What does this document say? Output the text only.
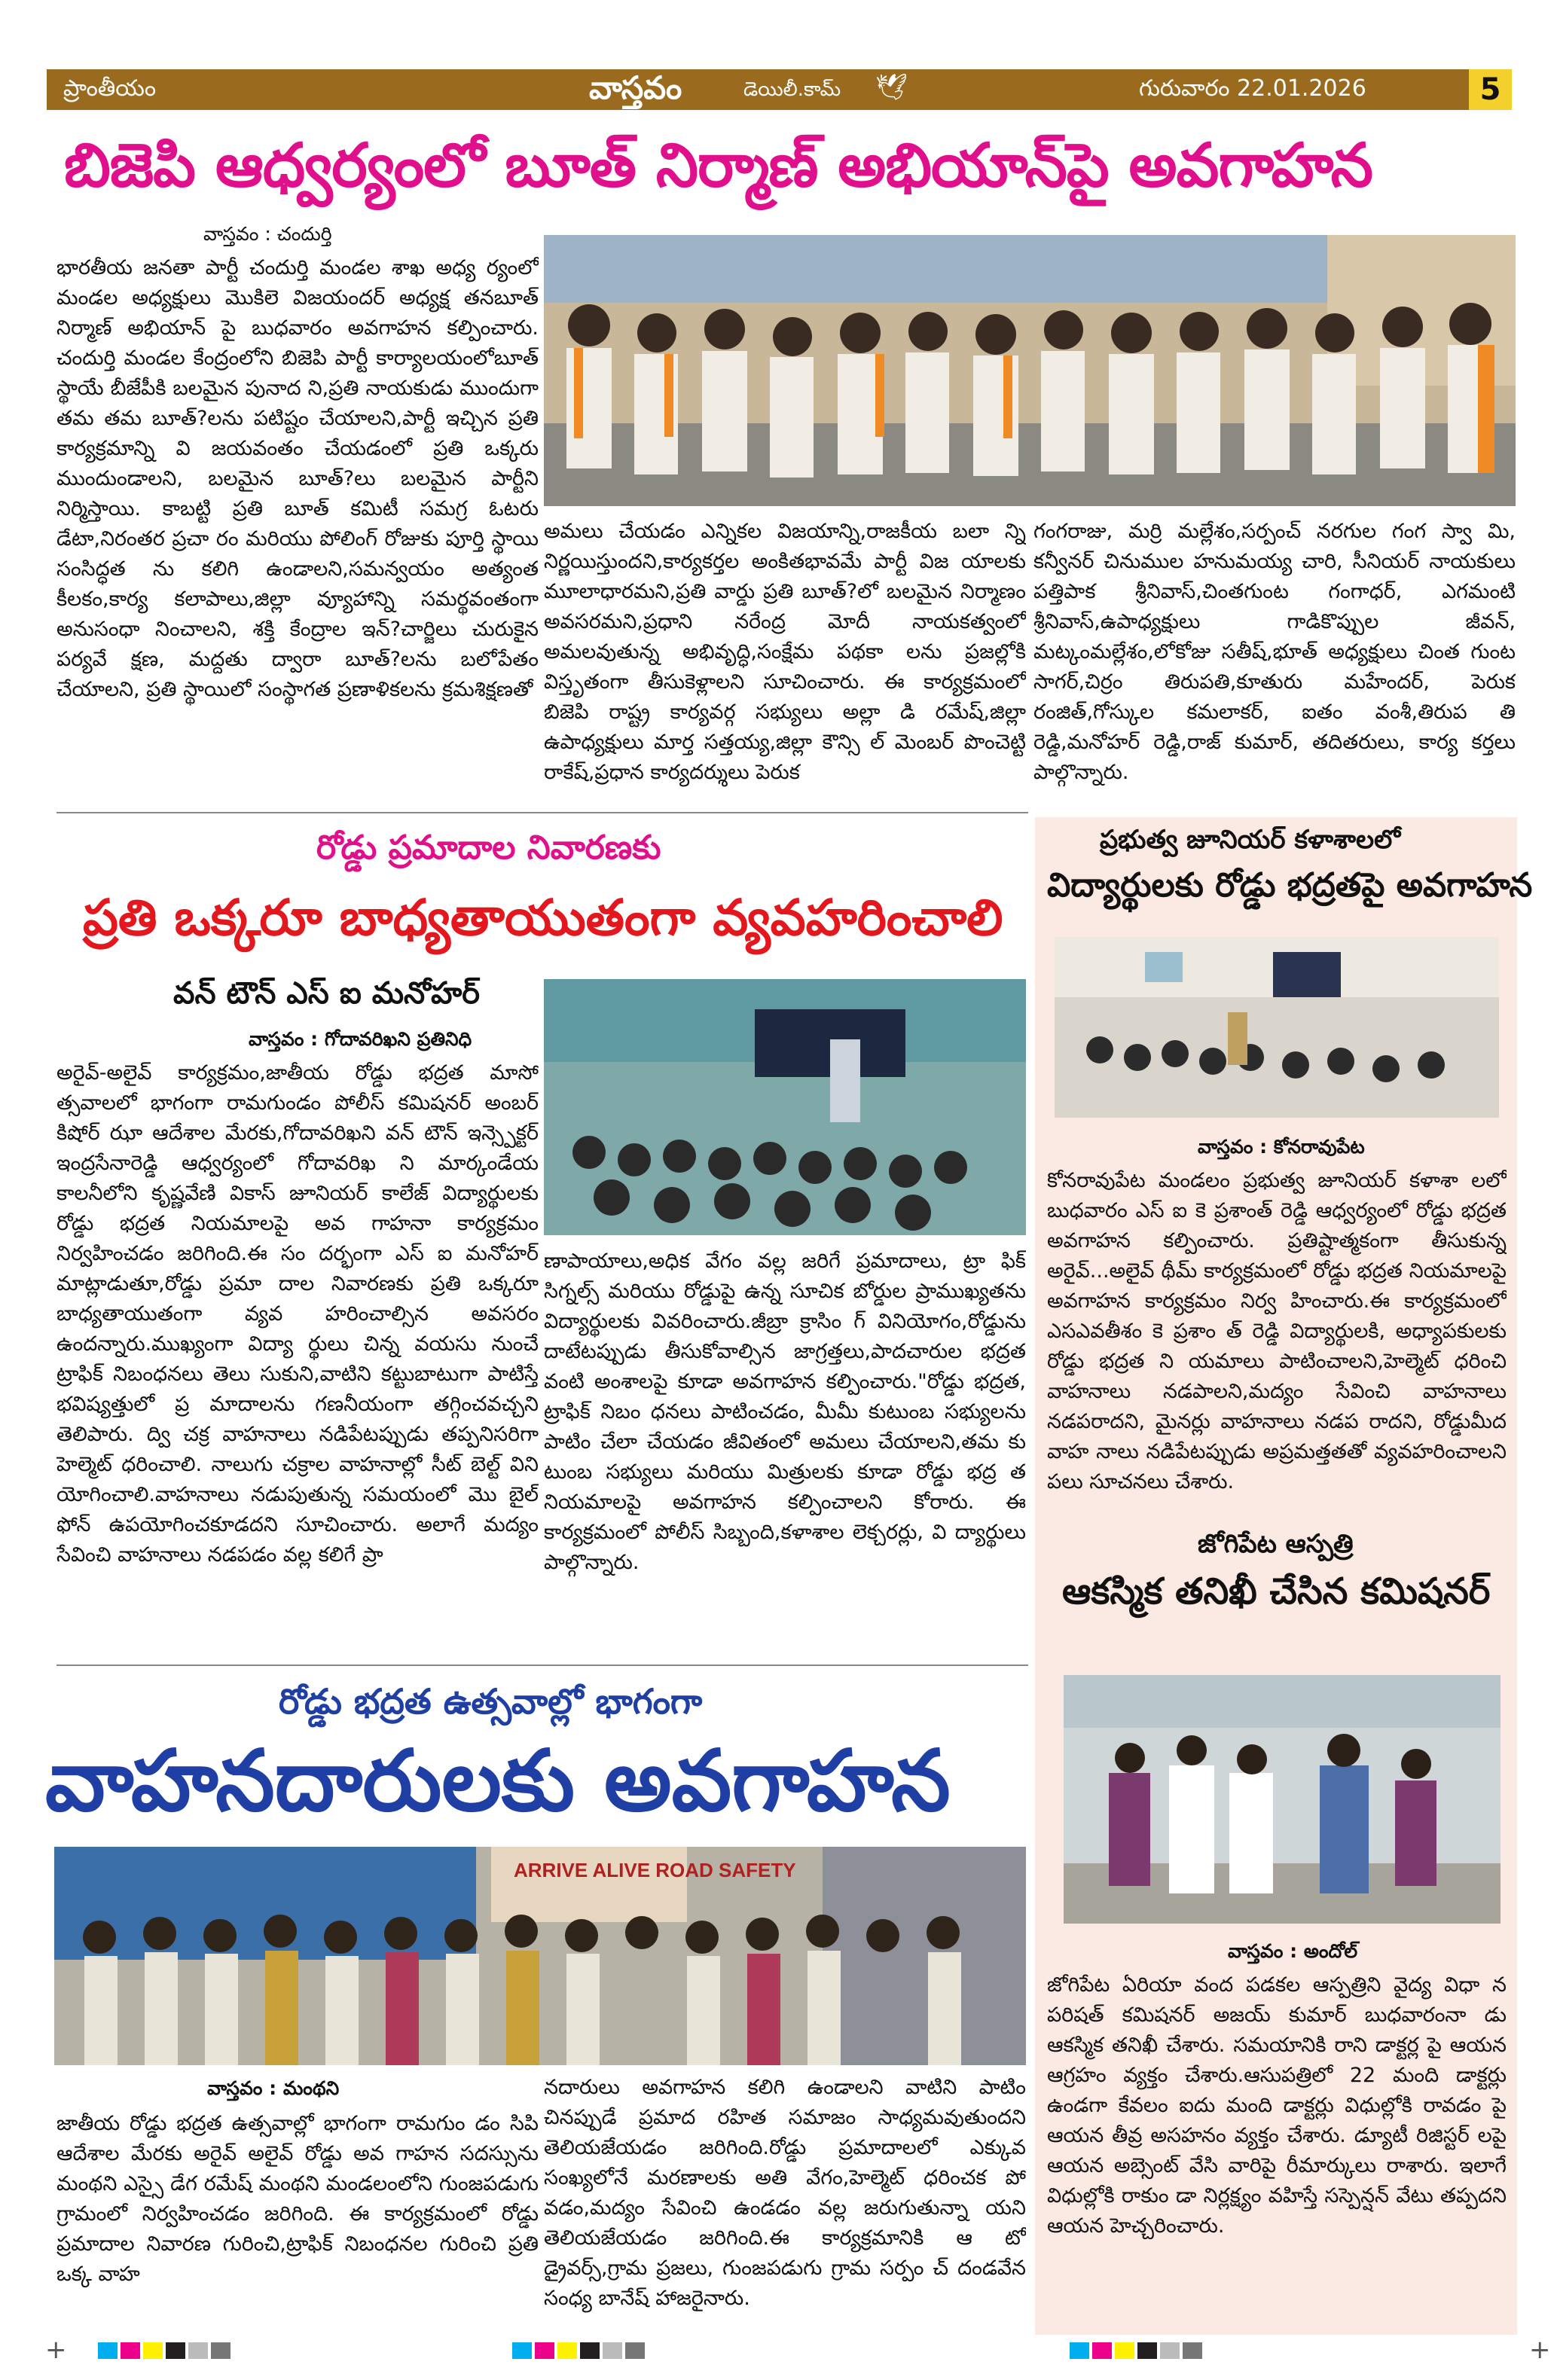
ప్రాంతీయం	వాస్తవం	డెయిలీ.కామ్ 🕊	గురువారం 22.01.2026	5
బిజెపి ఆధ్వర్యంలో బూత్ నిర్మాణ్ అభియాన్‌పై అవగాహన
వాస్తవం : చందుర్తి
భారతీయ జనతా పార్టీ చందుర్తి మండల శాఖ అధ్య ర్యంలో మండల అధ్యక్షులు మొకిలె విజయందర్ అధ్యక్ష తనబూత్ నిర్మాణ్ అభియాన్ పై బుధవారం అవగాహన కల్పించారు. చందుర్తి మండల కేంద్రంలోని బిజెపి పార్టీ కార్యాలయంలోబూత్ స్థాయే బీజేపీకి బలమైన పునాద ని,ప్రతి నాయకుడు ముందుగా తమ తమ బూత్?లను పటిష్టం చేయాలని,పార్టీ ఇచ్చిన ప్రతి కార్యక్రమాన్ని వి జయవంతం చేయడంలో ప్రతి ఒక్కరు ముందుండాలని, బలమైన బూత్?లు బలమైన పార్టీని నిర్మిస్తాయి. కాబట్టి ప్రతి బూత్ కమిటీ సమగ్ర ఓటరు డేటా,నిరంతర ప్రచా రం మరియు పోలింగ్ రోజుకు పూర్తి స్థాయి సంసిద్ధత ను కలిగి ఉండాలని,సమన్వయం అత్యంత కీలకం,కార్య కలాపాలు,జిల్లా వ్యూహాన్ని సమర్థవంతంగా అనుసంధా నించాలని, శక్తి కేంద్రాల ఇన్?చార్జిలు చురుకైన పర్యవే క్షణ, మద్దతు ద్వారా బూత్?లను బలోపేతం చేయాలని, ప్రతి స్థాయిలో సంస్థాగత ప్రణాళికలను క్రమశిక్షణతో
అమలు చేయడం ఎన్నికల విజయాన్ని,రాజకీయ బలా న్ని నిర్ణయిస్తుందని,కార్యకర్తల అంకితభావమే పార్టీ విజ యాలకు మూలాధారమని,ప్రతి వార్డు ప్రతి బూత్?లో బలమైన నిర్మాణం అవసరమని,ప్రధాని నరేంద్ర మోదీ నాయకత్వంలో అమలవుతున్న అభివృద్ధి,సంక్షేమ పథకా లను ప్రజల్లోకి విస్తృతంగా తీసుకెళ్లాలని సూచించారు. ఈ కార్యక్రమంలో బిజెపి రాష్ట్ర కార్యవర్గ సభ్యులు అల్లా డి రమేష్,జిల్లా ఉపాధ్యక్షులు మార్త సత్తయ్య,జిల్లా కౌన్సి ల్ మెంబర్ పొంచెట్టి రాకేష్,ప్రధాన కార్యదర్శులు పెరుక
గంగరాజు, మర్రి మల్లేశం,సర్పంచ్ నరగుల గంగ స్వా మి, కన్వీనర్ చినుముల హనుమయ్య చారి, సీనియర్ నాయకులు పత్తిపాక శ్రీనివాస్,చింతగుంట గంగాధర్, ఎగమంటి శ్రీనివాస్,ఉపాధ్యక్షులు గాడికొప్పుల జీవన్, మట్కంమల్లేశం,లోకోజు సతీష్,భూత్ అధ్యక్షులు చింత గుంట సాగర్,చిర్రం తిరుపతి,కూతురు మహేందర్, పెరుక రంజిత్,గోస్కుల కమలాకర్, ఐతం వంశీ,తిరుప తి రెడ్డి,మనోహర్ రెడ్డి,రాజ్ కుమార్, తదితరులు, కార్య కర్తలు పాల్గొన్నారు.
రోడ్డు ప్రమాదాల నివారణకు
ప్రతి ఒక్కరూ బాధ్యతాయుతంగా వ్యవహరించాలి
వన్ టౌన్ ఎస్ ఐ మనోహర్
వాస్తవం : గోదావరిఖని ప్రతినిధి
అరైవ్-అలైవ్ కార్యక్రమం,జాతీయ రోడ్డు భద్రత మాసో త్సవాలలో భాగంగా రామగుండం పోలీస్ కమిషనర్ అంబర్ కిషోర్ ఝా ఆదేశాల మేరకు,గోదావరిఖని వన్ టౌన్ ఇన్స్పెక్టర్ ఇంద్రసేనారెడ్డి ఆధ్వర్యంలో గోదావరిఖ ని మార్కండేయ కాలనీలోని కృష్ణవేణి వికాస్ జూనియర్ కాలేజ్ విద్యార్థులకు రోడ్డు భద్రత నియమాలపై అవ గాహనా కార్యక్రమం నిర్వహించడం జరిగింది.ఈ సం దర్భంగా ఎస్ ఐ మనోహర్ మాట్లాడుతూ,రోడ్డు ప్రమా దాల నివారణకు ప్రతి ఒక్కరూ బాధ్యతాయుతంగా వ్యవ హరించాల్సిన అవసరం ఉందన్నారు.ముఖ్యంగా విద్యా ర్థులు చిన్న వయసు నుంచే ట్రాఫిక్ నిబంధనలు తెలు సుకుని,వాటిని కట్టుబాటుగా పాటిస్తే భవిష్యత్తులో ప్ర మాదాలను గణనీయంగా తగ్గించవచ్చని తెలిపారు. ద్వి చక్ర వాహనాలు నడిపేటప్పుడు తప్పనిసరిగా హెల్మెట్ ధరించాలి. నాలుగు చక్రాల వాహనాల్లో సీట్ బెల్ట్ విని యోగించాలి.వాహనాలు నడుపుతున్న సమయంలో మొ బైల్ ఫోన్ ఉపయోగించకూడదని సూచించారు. అలాగే మద్యం సేవించి వాహనాలు నడపడం వల్ల కలిగే ప్రా
ణాపాయాలు,అధిక వేగం వల్ల జరిగే ప్రమాదాలు, ట్రా ఫిక్ సిగ్నల్స్ మరియు రోడ్డుపై ఉన్న సూచిక బోర్డుల ప్రాముఖ్యతను విద్యార్థులకు వివరించారు.జీబ్రా క్రాసిం గ్ వినియోగం,రోడ్డును దాటేటప్పుడు తీసుకోవాల్సిన జాగ్రత్తలు,పాదచారుల భద్రత వంటి అంశాలపై కూడా అవగాహన కల్పించారు."రోడ్డు భద్రత, ట్రాఫిక్ నిబం ధనలు పాటించడం, మీమీ కుటుంబ సభ్యులను పాటిం చేలా చేయడం జీవితంలో అమలు చేయాలని,తమ కు టుంబ సభ్యులు మరియు మిత్రులకు కూడా రోడ్డు భద్ర త నియమాలపై అవగాహన కల్పించాలని కోరారు. ఈ కార్యక్రమంలో పోలీస్ సిబ్బంది,కళాశాల లెక్చరర్లు, వి ద్యార్థులు పాల్గొన్నారు.
ప్రభుత్వ జూనియర్ కళాశాలలో
విద్యార్థులకు రోడ్డు భద్రతపై అవగాహన
వాస్తవం : కోనరావుపేట
కోనరావుపేట మండలం ప్రభుత్వ జూనియర్ కళాశా లలో బుధవారం ఎస్ ఐ కె ప్రశాంత్ రెడ్డి ఆధ్వర్యంలో రోడ్డు భద్రత అవగాహన కల్పించారు. ప్రతిష్టాత్మకంగా తీసుకున్న అరైవ్...అలైవ్ థీమ్ కార్యక్రమంలో రోడ్డు భద్రత నియమాలపై అవగాహన కార్యక్రమం నిర్వ హించారు.ఈ కార్యక్రమంలో ఎసఎవతీశం కె ప్రశాం త్ రెడ్డి విద్యార్థులకి, అధ్యాపకులకు రోడ్డు భద్రత ని యమాలు పాటించాలని,హెల్మెట్ ధరించి వాహనాలు నడపాలని,మద్యం సేవించి వాహనాలు నడపరాదని, మైనర్లు వాహనాలు నడప రాదని, రోడ్డుమీద వాహ నాలు నడిపేటప్పుడు అప్రమత్తతతో వ్యవహరించాలని పలు సూచనలు చేశారు.
జోగిపేట ఆస్పత్రి
ఆకస్మిక తనిఖీ చేసిన కమిషనర్
వాస్తవం : అందోల్
జోగిపేట ఏరియా వంద పడకల ఆస్పత్రిని వైద్య విధా న పరిషత్ కమిషనర్ అజయ్ కుమార్ బుధవారంనా డు ఆకస్మిక తనిఖీ చేశారు. సమయానికి రాని డాక్టర్ల పై ఆయన ఆగ్రహం వ్యక్తం చేశారు.ఆసుపత్రిలో 22 మంది డాక్టర్లు ఉండగా కేవలం ఐదు మంది డాక్టర్లు విధుల్లోకి రావడం పై ఆయన తీవ్ర అసహనం వ్యక్తం చేశారు. డ్యూటీ రిజిస్టర్ లపై ఆయన అబ్సెంట్ వేసి వారిపై రీమార్కులు రాశారు. ఇలాగే విధుల్లోకి రాకుం డా నిర్లక్ష్యం వహిస్తే సస్పెన్షన్ వేటు తప్పదని ఆయన హెచ్చరించారు.
రోడ్డు భద్రత ఉత్సవాల్లో భాగంగా
వాహనదారులకు అవగాహన
ARRIVE ALIVE ROAD SAFETY
వాస్తవం : మంథని
జాతీయ రోడ్డు భద్రత ఉత్సవాల్లో భాగంగా రామగుం డం సిపి ఆదేశాల మేరకు అరైవ్ అలైవ్ రోడ్డు అవ గాహన సదస్సును మంథని ఎస్సై డేగ రమేష్ మంథని మండలంలోని గుంజపడుగు గ్రామంలో నిర్వహించడం జరిగింది. ఈ కార్యక్రమంలో రోడ్డు ప్రమాదాల నివారణ గురించి,ట్రాఫిక్ నిబంధనల గురించి ప్రతి ఒక్క వాహ
నదారులు అవగాహన కలిగి ఉండాలని వాటిని పాటిం చినప్పుడే ప్రమాద రహిత సమాజం సాధ్యమవుతుందని తెలియజేయడం జరిగింది.రోడ్డు ప్రమాదాలలో ఎక్కువ సంఖ్యలోనే మరణాలకు అతి వేగం,హెల్మెట్ ధరించక పో వడం,మద్యం సేవించి ఉండడం వల్ల జరుగుతున్నా యని తెలియజేయడం జరిగింది.ఈ కార్యక్రమానికి ఆ టో డ్రైవర్స్,గ్రామ ప్రజలు, గుంజపడుగు గ్రామ సర్పం చ్ దండవేన సంధ్య బానేష్ హాజరైనారు.
+	+
